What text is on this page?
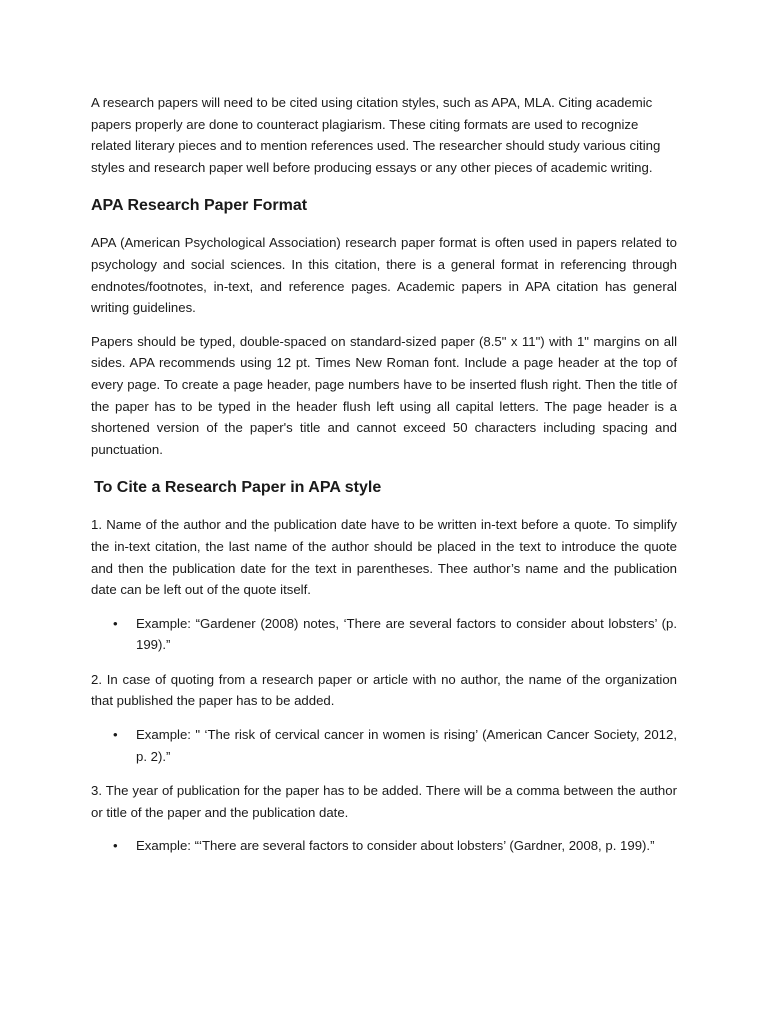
A research papers will need to be cited using citation styles, such as APA, MLA. Citing academic papers properly are done to counteract plagiarism. These citing formats are used to recognize related literary pieces and to mention references used. The researcher should study various citing styles and research paper well before producing essays or any other pieces of academic writing.

APA Research Paper Format

APA (American Psychological Association) research paper format is often used in papers related to psychology and social sciences. In this citation, there is a general format in referencing through endnotes/footnotes, in-text, and reference pages. Academic papers in APA citation has general writing guidelines.

Papers should be typed, double-spaced on standard-sized paper (8.5" x 11") with 1" margins on all sides. APA recommends using 12 pt. Times New Roman font. Include a page header at the top of every page. To create a page header, page numbers have to be inserted flush right. Then the title of the paper has to be typed in the header flush left using all capital letters. The page header is a shortened version of the paper's title and cannot exceed 50 characters including spacing and punctuation.

To Cite a Research Paper in APA style

1. Name of the author and the publication date have to be written in-text before a quote. To simplify the in-text citation, the last name of the author should be placed in the text to introduce the quote and then the publication date for the text in parentheses. Thee author’s name and the publication date can be left out of the quote itself.

• Example: “Gardener (2008) notes, ‘There are several factors to consider about lobsters’ (p. 199).”

2. In case of quoting from a research paper or article with no author, the name of the organization that published the paper has to be added.

• Example: " ‘The risk of cervical cancer in women is rising’ (American Cancer Society, 2012, p. 2).”

3. The year of publication for the paper has to be added. There will be a comma between the author or title of the paper and the publication date.

• Example: “‘There are several factors to consider about lobsters’ (Gardner, 2008, p. 199).”
